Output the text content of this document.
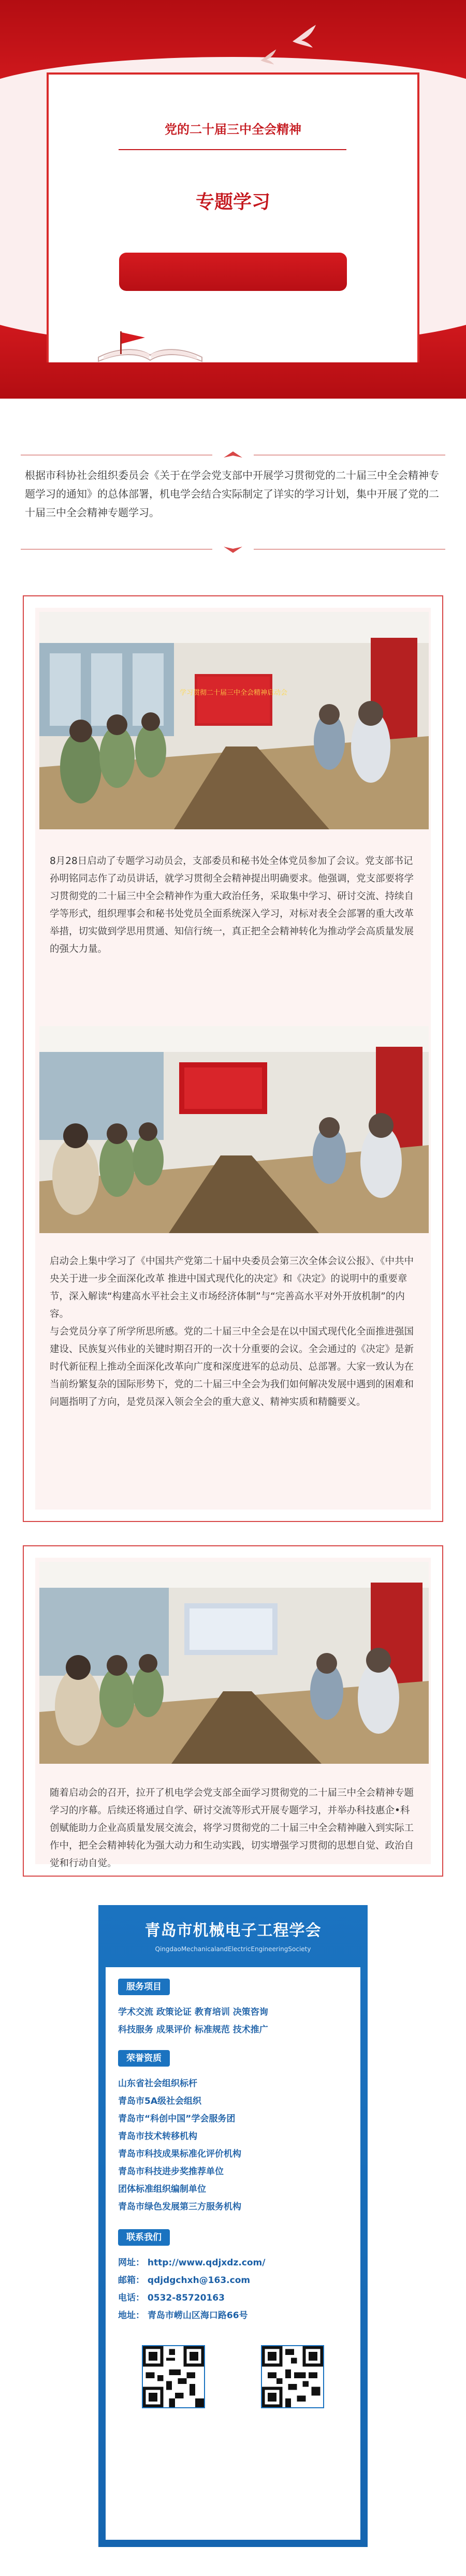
党的二十届三中全会精神
专题学习
根据市科协社会组织委员会《关于在学会党支部中开展学习贯彻党的二十届三中全会精神专题学习的通知》的总体部署，机电学会结合实际制定了详实的学习计划，集中开展了党的二十届三中全会精神专题学习。
学习贯彻二十届三中全会精神启动会
8月28日启动了专题学习动员会，支部委员和秘书处全体党员参加了会议。党支部书记孙明铭同志作了动员讲话，就学习贯彻全会精神提出明确要求。他强调，党支部要将学习贯彻党的二十届三中全会精神作为重大政治任务，采取集中学习、研讨交流、持续自学等形式，组织理事会和秘书处党员全面系统深入学习，对标对表全会部署的重大改革举措，切实做到学思用贯通、知信行统一，真正把全会精神转化为推动学会高质量发展的强大力量。

启动会上集中学习了《中国共产党第二十届中央委员会第三次全体会议公报》、《中共中央关于进一步全面深化改革 推进中国式现代化的决定》和《决定》的说明中的重要章节，深入解读“构建高水平社会主义市场经济体制”与“完善高水平对外开放机制”的内容。

与会党员分享了所学所思所感。党的二十届三中全会是在以中国式现代化全面推进强国建设、民族复兴伟业的关键时期召开的一次十分重要的会议。全会通过的《决定》是新时代新征程上推动全面深化改革向广度和深度进军的总动员、总部署。大家一致认为在当前纷繁复杂的国际形势下，党的二十届三中全会为我们如何解决发展中遇到的困难和问题指明了方向，是党员深入领会全会的重大意义、精神实质和精髓要义。

随着启动会的召开，拉开了机电学会党支部全面学习贯彻党的二十届三中全会精神专题学习的序幕。后续还将通过自学、研讨交流等形式开展专题学习，并举办科技惠企•科创赋能助力企业高质量发展交流会，将学习贯彻党的二十届三中全会精神融入到实际工作中，把全会精神转化为强大动力和生动实践，切实增强学习贯彻的思想自觉、政治自觉和行动自觉。
青岛市机械电子工程学会
QingdaoMechanicalandElectricEngineeringSociety
服务项目
学术交流 政策论证 教育培训 决策咨询
科技服务 成果评价 标准规范 技术推广
荣誉资质
山东省社会组织标杆
青岛市5A级社会组织
青岛市“科创中国”学会服务团
青岛市技术转移机构
青岛市科技成果标准化评价机构
青岛市科技进步奖推荐单位
团体标准组织编制单位
青岛市绿色发展第三方服务机构
联系我们
网址： http://www.qdjxdz.com/
邮箱： qdjdgchxh@163.com
电话： 0532-85720163
地址： 青岛市崂山区海口路66号
